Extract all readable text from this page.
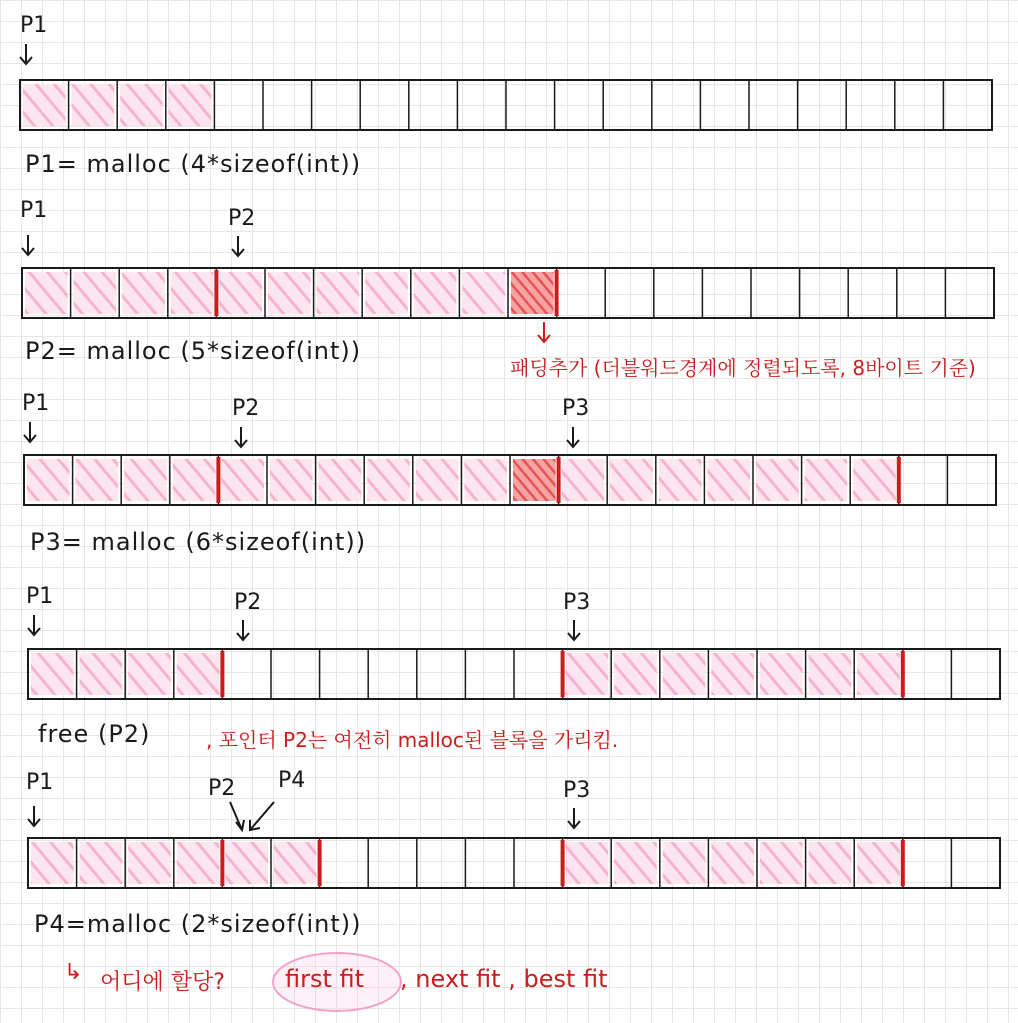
P1
P1= malloc (4*sizeof(int))
P1	P2
P2= malloc (5*sizeof(int))
패딩추가 (더블워드경계에 정렬되도록, 8바이트 기준)
P1	P2	P3
P3= malloc (6*sizeof(int))
P1	P2	P3
free (P2)	, 포인터 P2는 여전히 malloc된 블록을 가리킴.
P1	P2 P4	P3
P4=malloc (2*sizeof(int))
↳ 어디에 할당?	first fit , next fit , best fit
